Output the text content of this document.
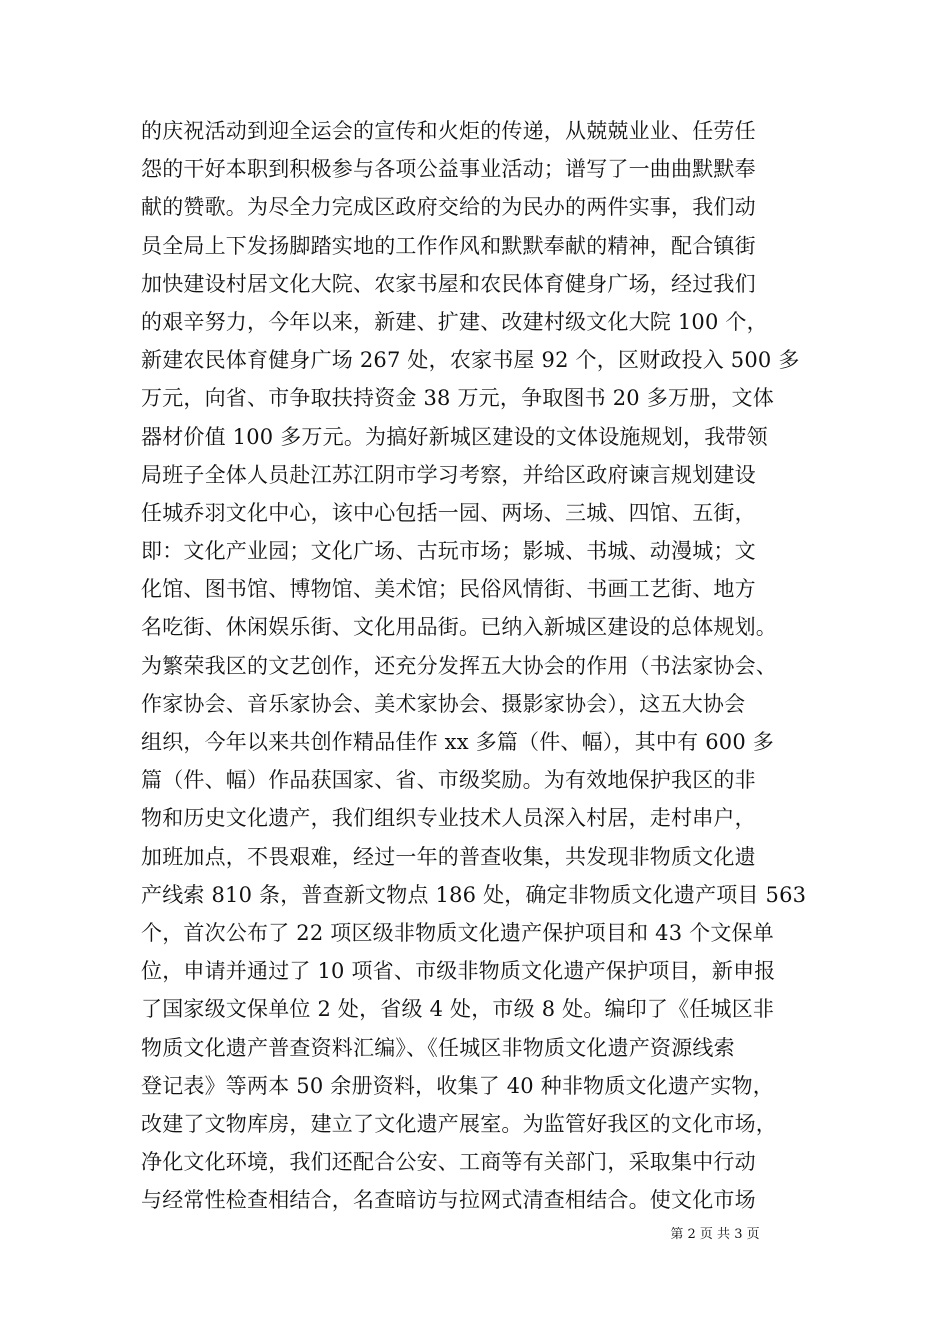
的庆祝活动到迎全运会的宣传和火炬的传递，从兢兢业业、任劳任
怨的干好本职到积极参与各项公益事业活动；谱写了一曲曲默默奉
献的赞歌。为尽全力完成区政府交给的为民办的两件实事，我们动
员全局上下发扬脚踏实地的工作作风和默默奉献的精神，配合镇街
加快建设村居文化大院、农家书屋和农民体育健身广场，经过我们
的艰辛努力，今年以来，新建、扩建、改建村级文化大院 100 个，
新建农民体育健身广场 267 处，农家书屋 92 个，区财政投入 500 多
万元，向省、市争取扶持资金 38 万元，争取图书 20 多万册，文体
器材价值 100 多万元。为搞好新城区建设的文体设施规划，我带领
局班子全体人员赴江苏江阴市学习考察，并给区政府谏言规划建设
任城乔羽文化中心，该中心包括一园、两场、三城、四馆、五街，
即：文化产业园；文化广场、古玩市场；影城、书城、动漫城；文
化馆、图书馆、博物馆、美术馆；民俗风情街、书画工艺街、地方
名吃街、休闲娱乐街、文化用品街。已纳入新城区建设的总体规划。
为繁荣我区的文艺创作，还充分发挥五大协会的作用（书法家协会、
作家协会、音乐家协会、美术家协会、摄影家协会），这五大协会
组织，今年以来共创作精品佳作 xx 多篇（件、幅），其中有 600 多
篇（件、幅）作品获国家、省、市级奖励。为有效地保护我区的非
物和历史文化遗产，我们组织专业技术人员深入村居，走村串户，
加班加点，不畏艰难，经过一年的普查收集，共发现非物质文化遗
产线索 810 条，普查新文物点 186 处，确定非物质文化遗产项目 563
个，首次公布了 22 项区级非物质文化遗产保护项目和 43 个文保单
位，申请并通过了 10 项省、市级非物质文化遗产保护项目，新申报
了国家级文保单位 2 处，省级 4 处，市级 8 处。编印了《任城区非
物质文化遗产普查资料汇编》、《任城区非物质文化遗产资源线索
登记表》等两本 50 余册资料，收集了 40 种非物质文化遗产实物，
改建了文物库房，建立了文化遗产展室。为监管好我区的文化市场，
净化文化环境，我们还配合公安、工商等有关部门，采取集中行动
与经常性检查相结合，名查暗访与拉网式清查相结合。使文化市场
第 2 页 共 3 页
